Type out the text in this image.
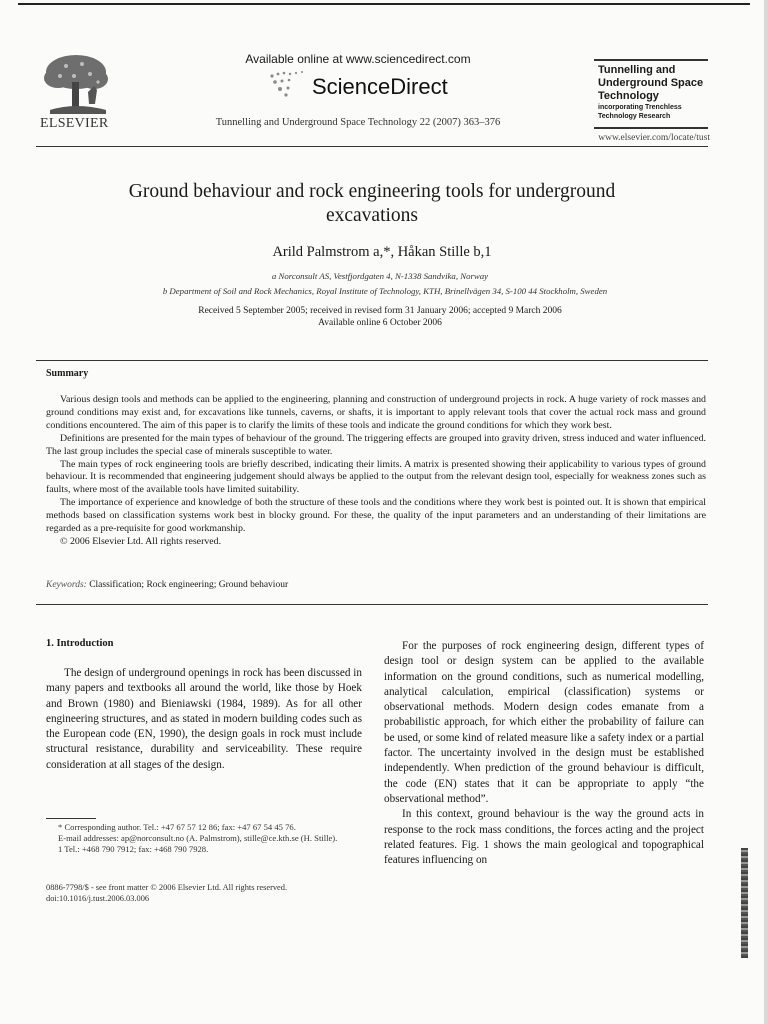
ELSEVIER
Available online at www.sciencedirect.com
ScienceDirect
Tunnelling and Underground Space Technology 22 (2007) 363–376
Tunnelling and Underground Space Technology
incorporating Trenchless Technology Research
www.elsevier.com/locate/tust
Ground behaviour and rock engineering tools for underground excavations
Arild Palmstrom a,*, Håkan Stille b,1
a Norconsult AS, Vestfjordgaten 4, N-1338 Sandvika, Norway
b Department of Soil and Rock Mechanics, Royal Institute of Technology, KTH, Brinellvägen 34, S-100 44 Stockholm, Sweden
Received 5 September 2005; received in revised form 31 January 2006; accepted 9 March 2006
Available online 6 October 2006
Summary

Various design tools and methods can be applied to the engineering, planning and construction of underground projects in rock. A huge variety of rock masses and ground conditions may exist and, for excavations like tunnels, caverns, or shafts, it is important to apply relevant tools that cover the actual rock mass and ground conditions encountered. The aim of this paper is to clarify the limits of these tools and indicate the ground conditions for which they work best.

Definitions are presented for the main types of behaviour of the ground. The triggering effects are grouped into gravity driven, stress induced and water influenced. The last group includes the special case of minerals susceptible to water.

The main types of rock engineering tools are briefly described, indicating their limits. A matrix is presented showing their applicability to various types of ground behaviour. It is recommended that engineering judgement should always be applied to the output from the relevant design tool, especially for weakness zones such as faults, where most of the available tools have limited suitability.

The importance of experience and knowledge of both the structure of these tools and the conditions where they work best is pointed out. It is shown that empirical methods based on classification systems work best in blocky ground. For these, the quality of the input parameters and an understanding of their limitations are regarded as a pre-requisite for good workmanship.

© 2006 Elsevier Ltd. All rights reserved.

Keywords: Classification; Rock engineering; Ground behaviour
1. Introduction

The design of underground openings in rock has been discussed in many papers and textbooks all around the world, like those by Hoek and Brown (1980) and Bieniawski (1984, 1989). As for all other engineering structures, and as stated in modern building codes such as the European code (EN, 1990), the design goals in rock must include structural resistance, durability and serviceability. These require consideration at all stages of the design.

* Corresponding author. Tel.: +47 67 57 12 86; fax: +47 67 54 45 76.
E-mail addresses: ap@norconsult.no (A. Palmstrom), stille@ce.kth.se (H. Stille).
1 Tel.: +468 790 7912; fax: +468 790 7928.
0886-7798/$ - see front matter © 2006 Elsevier Ltd. All rights reserved.
doi:10.1016/j.tust.2006.03.006

For the purposes of rock engineering design, different types of design tool or design system can be applied to the available information on the ground conditions, such as numerical modelling, analytical calculation, empirical (classification) systems or observational methods. Modern design codes emanate from a probabilistic approach, for which either the probability of failure can be used, or some kind of related measure like a safety index or a partial factor. The uncertainty involved in the design must be established independently. When prediction of the ground behaviour is difficult, the code (EN) states that it can be appropriate to apply “the observational method”.

In this context, ground behaviour is the way the ground acts in response to the rock mass conditions, the forces acting and the project related features. Fig. 1 shows the main geological and topographical features influencing on
